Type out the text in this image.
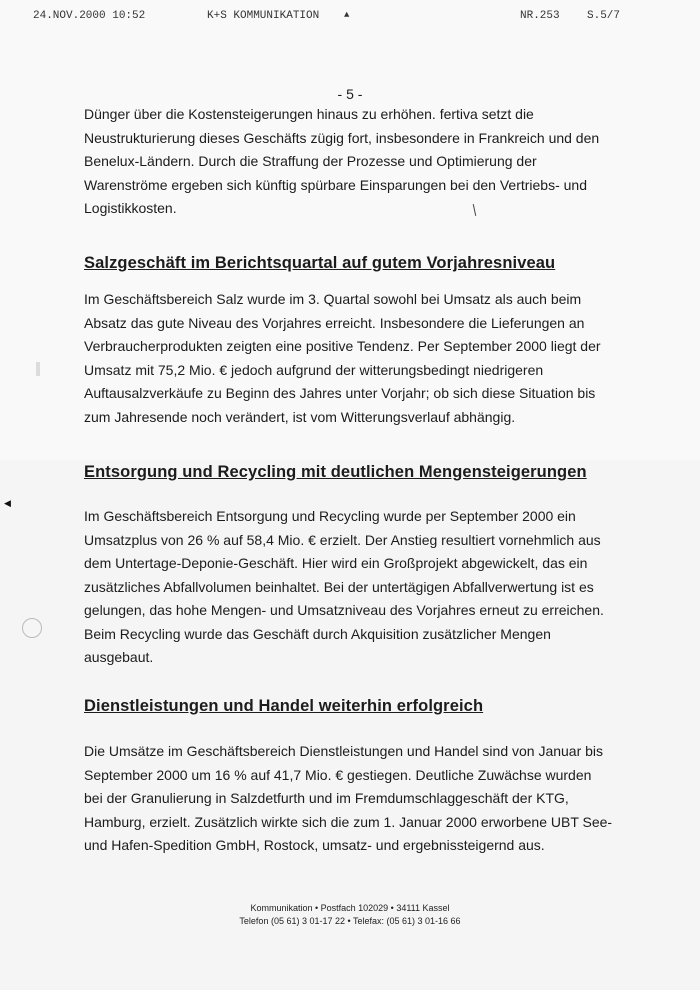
24.NOV.2000 10:52	K+S KOMMUNIKATION	▲	NR.253 S.5/7
- 5 -
Dünger über die Kostensteigerungen hinaus zu erhöhen. fertiva setzt die
Neustrukturierung dieses Geschäfts zügig fort, insbesondere in Frankreich und den
Benelux-Ländern. Durch die Straffung der Prozesse und Optimierung der
Warenströme ergeben sich künftig spürbare Einsparungen bei den Vertriebs- und
Logistikkosten.
Salzgeschäft im Berichtsquartal auf gutem Vorjahresniveau
Im Geschäftsbereich Salz wurde im 3. Quartal sowohl bei Umsatz als auch beim
Absatz das gute Niveau des Vorjahres erreicht. Insbesondere die Lieferungen an
Verbraucherprodukten zeigten eine positive Tendenz. Per September 2000 liegt der
Umsatz mit 75,2 Mio. € jedoch aufgrund der witterungsbedingt niedrigeren
Auftausalzverkäufe zu Beginn des Jahres unter Vorjahr; ob sich diese Situation bis
zum Jahresende noch verändert, ist vom Witterungsverlauf abhängig.
Entsorgung und Recycling mit deutlichen Mengensteigerungen
Im Geschäftsbereich Entsorgung und Recycling wurde per September 2000 ein
Umsatzplus von 26 % auf 58,4 Mio. € erzielt. Der Anstieg resultiert vornehmlich aus
dem Untertage-Deponie-Geschäft. Hier wird ein Großprojekt abgewickelt, das ein
zusätzliches Abfallvolumen beinhaltet. Bei der untertägigen Abfallverwertung ist es
gelungen, das hohe Mengen- und Umsatzniveau des Vorjahres erneut zu erreichen.
Beim Recycling wurde das Geschäft durch Akquisition zusätzlicher Mengen
ausgebaut.
◀
Dienstleistungen und Handel weiterhin erfolgreich
Die Umsätze im Geschäftsbereich Dienstleistungen und Handel sind von Januar bis
September 2000 um 16 % auf 41,7 Mio. € gestiegen. Deutliche Zuwächse wurden
bei der Granulierung in Salzdetfurth und im Fremdumschlaggeschäft der KTG,
Hamburg, erzielt. Zusätzlich wirkte sich die zum 1. Januar 2000 erworbene UBT See-
und Hafen-Spedition GmbH, Rostock, umsatz- und ergebnissteigernd aus.
Kommunikation • Postfach 102029 • 34111 Kassel
Telefon (05 61) 3 01-17 22 • Telefax: (05 61) 3 01-16 66
